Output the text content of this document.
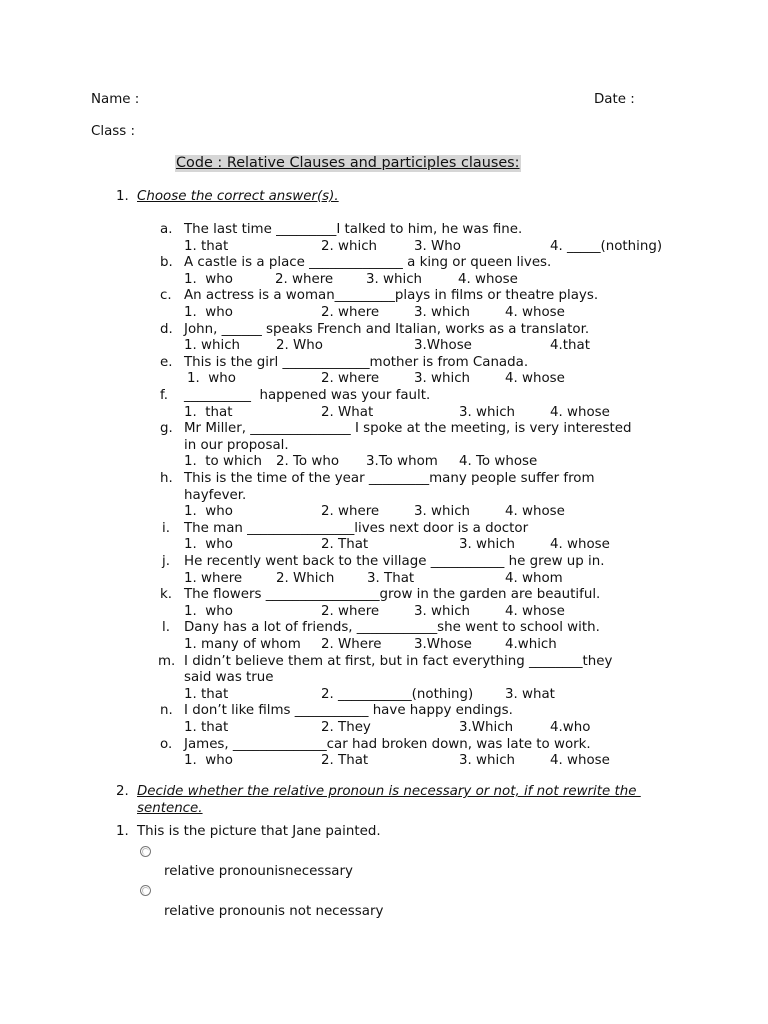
Name :	Date :
Class :
Code : Relative Clauses and participles clauses:
1. Choose the correct answer(s).
a. The last time _________I talked to him, he was fine.
1. that	2. which	3. Who	4. _____(nothing)
b. A castle is a place ______________ a king or queen lives.
1.  who	2. where 3. which	4. whose
c. An actress is a woman_________plays in films or theatre plays.
1.  who	2. where	3. which	4. whose
d. John, ______ speaks French and Italian, works as a translator.
1. which	2. Who	3.Whose	4.that
e. This is the girl _____________mother is from Canada.
1.  who	2. where	3. which	4. whose
f. __________  happened was your fault.
1.  that	2. What	3. which	4. whose
g. Mr Miller, _______________ I spoke at the meeting, is very interested
in our proposal.
1.  to which 2. To who 3.To whom 4. To whose
h. This is the time of the year _________many people suffer from
hayfever.
1.  who	2. where	3. which	4. whose
i. The man ________________lives next door is a doctor
1.  who	2. That	3. which	4. whose
j. He recently went back to the village ___________ he grew up in.
1. where	2. Which 3. That	4. whom
k. The flowers _________________grow in the garden are beautiful.
1.  who	2. where	3. which	4. whose
l. Dany has a lot of friends, ____________she went to school with.
1. many of whom 2. Where 3.Whose 4.which
m. I didn’t believe them at first, but in fact everything ________they
said was true
1. that	2. ___________(nothing) 3. what
n. I don’t like films ___________ have happy endings.
1. that	2. They	3.Which	4.who
o. James, ______________car had broken down, was late to work.
1.  who	2. That	3. which	4. whose
2. Decide whether the relative pronoun is necessary or not, if not rewrite the
sentence.
1. This is the picture that Jane painted.
relative pronounisnecessary
relative pronounis not necessary
